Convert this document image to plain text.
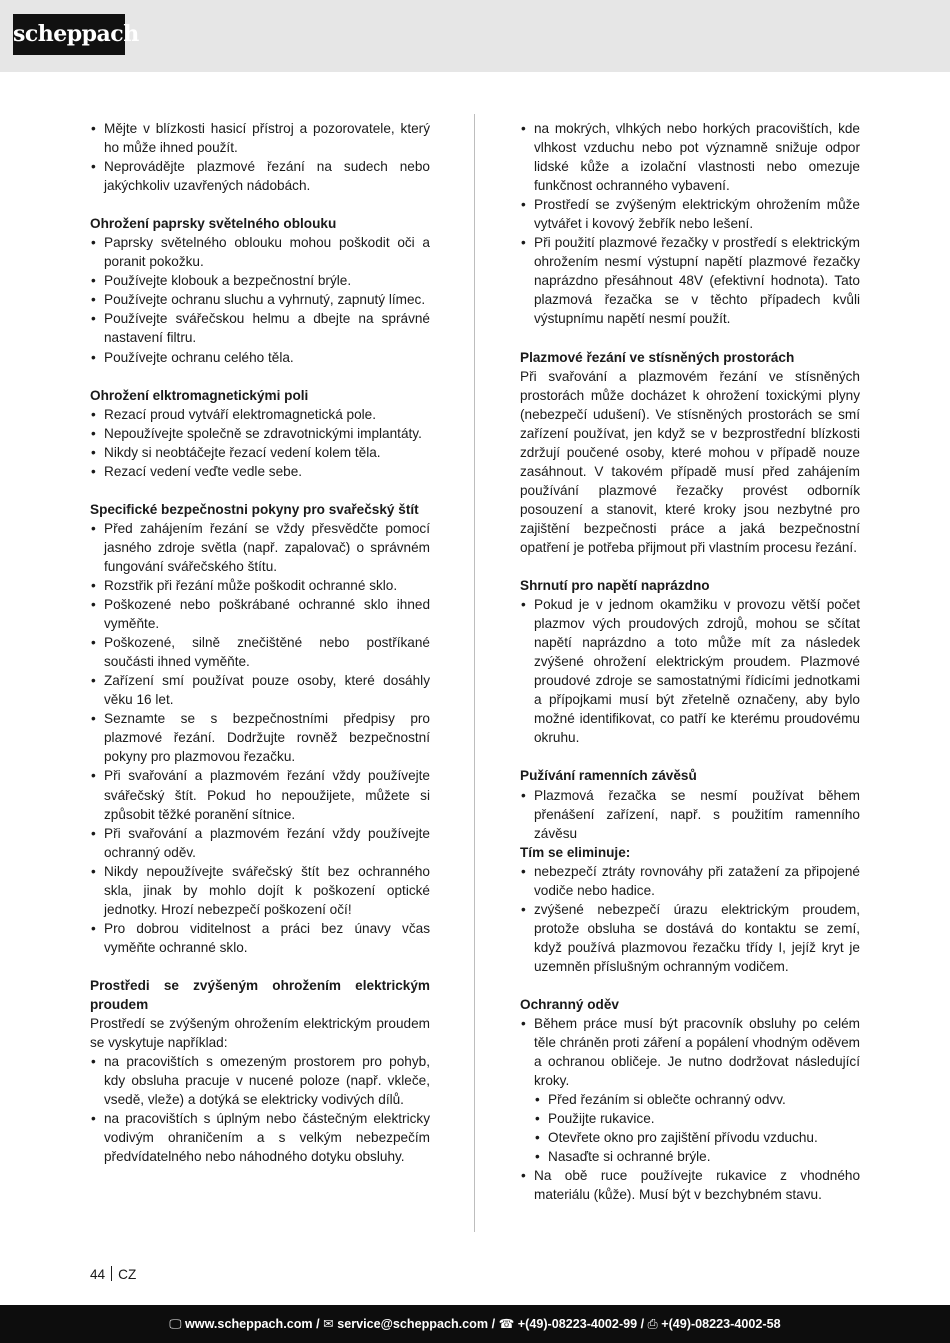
scheppach
• Mějte v blízkosti hasicí přístroj a pozorovatele, který ho může ihned použít.
• Neprovádějte plazmové řezání na sudech nebo jakýchkoliv uzavřených nádobách.

Ohrožení paprsky světelného oblouku

• Paprsky světelného oblouku mohou poškodit oči a poranit pokožku.
• Používejte klobouk a bezpečnostní brýle.
• Používejte ochranu sluchu a vyhrnutý, zapnutý límec.
• Používejte svářečskou helmu a dbejte na správné nastavení filtru.
• Používejte ochranu celého těla.

Ohrožení elktromagnetickými poli

• Rezací proud vytváří elektromagnetická pole.
• Nepoužívejte společně se zdravotnickými implantáty.
• Nikdy si neobtáčejte řezací vedení kolem těla.
• Rezací vedení veďte vedle sebe.

Specifické bezpečnostni pokyny pro svařečský štít

• Před zahájením řezání se vždy přesvědčte pomocí jasného zdroje světla (např. zapalovač) o správném fungování svářečského štítu.
• Rozstřik při řezání může poškodit ochranné sklo.
• Poškozené nebo poškrábané ochranné sklo ihned vyměňte.
• Poškozené, silně znečištěné nebo postříkané součásti ihned vyměňte.
• Zařízení smí používat pouze osoby, které dosáhly věku 16 let.
• Seznamte se s bezpečnostními předpisy pro plazmové řezání. Dodržujte rovněž bezpečnostní pokyny pro plazmovou řezačku.
• Při svařování a plazmovém řezání vždy používejte svářečský štít. Pokud ho nepoužijete, můžete si způsobit těžké poranění sítnice.
• Při svařování a plazmovém řezání vždy používejte ochranný oděv.
• Nikdy nepoužívejte svářečský štít bez ochranného skla, jinak by mohlo dojít k poškození optické jednotky. Hrozí nebezpečí poškození očí!
• Pro dobrou viditelnost a práci bez únavy včas vyměňte ochranné sklo.

Prostředi se zvýšeným ohrožením elektrickým proudem

Prostředí se zvýšeným ohrožením elektrickým proudem se vyskytuje například:

• na pracovištích s omezeným prostorem pro pohyb, kdy obsluha pracuje v nucené poloze (např. vkleče, vsedě, vleže) a dotýká se elektricky vodivých dílů.
• na pracovištích s úplným nebo částečným elektricky vodivým ohraničením a s velkým nebezpečím předvídatelného nebo náhodného dotyku obsluhy.
• na mokrých, vlhkých nebo horkých pracovištích, kde vlhkost vzduchu nebo pot významně snižuje odpor lidské kůže a izolační vlastnosti nebo omezuje funkčnost ochranného vybavení.
• Prostředí se zvýšeným elektrickým ohrožením může vytvářet i kovový žebřík nebo lešení.
• Při použití plazmové řezačky v prostředí s elektrickým ohrožením nesmí výstupní napětí plazmové řezačky naprázdno přesáhnout 48V (efektivní hodnota). Tato plazmová řezačka se v těchto případech kvůli výstupnímu napětí nesmí použít.

Plazmové řezání ve stísněných prostorách

Při svařování a plazmovém řezání ve stísněných prostorách může docházet k ohrožení toxickými plyny (nebezpečí udušení). Ve stísněných prostorách se smí zařízení používat, jen když se v bezprostřední blízkosti zdržují poučené osoby, které mohou v případě nouze zasáhnout. V takovém případě musí před zahájením používání plazmové řezačky provést odborník posouzení a stanovit, které kroky jsou nezbytné pro zajištění bezpečnosti práce a jaká bezpečnostní opatření je potřeba přijmout při vlastním procesu řezání.

Shrnutí pro napětí naprázdno

• Pokud je v jednom okamžiku v provozu větší počet plazmov vých proudových zdrojů, mohou se sčítat napětí naprázdno a toto může mít za následek zvýšené ohrožení elektrickým proudem. Plazmové proudové zdroje se samostatnými řídicími jednotkami a přípojkami musí být zřetelně označeny, aby bylo možné identifikovat, co patří ke kterému proudovému okruhu.

Pužívání ramenních závěsů

• Plazmová řezačka se nesmí používat během přenášení zařízení, např. s použitím ramenního závěsu

Tím se eliminuje:

• nebezpečí ztráty rovnováhy při zatažení za připojené vodiče nebo hadice.
• zvýšené nebezpečí úrazu elektrickým proudem, protože obsluha se dostává do kontaktu se zemí, když používá plazmovou řezačku třídy I, jejíž kryt je uzemněn příslušným ochranným vodičem.

Ochranný oděv

• Během práce musí být pracovník obsluhy po celém těle chráněn proti záření a popálení vhodným oděvem a ochranou obličeje. Je nutno dodržovat následující kroky.
• Před řezáním si oblečte ochranný odvv.
• Použijte rukavice.
• Otevřete okno pro zajištění přívodu vzduchu.
• Nasaďte si ochranné brýle.
• Na obě ruce používejte rukavice z vhodného materiálu (kůže). Musí být v bezchybném stavu.
44 CZ
🖵︎ www.scheppach.com / ✉︎ service@scheppach.com / ☎︎ +(49)-08223-4002-99 / ⎙ +(49)-08223-4002-58
